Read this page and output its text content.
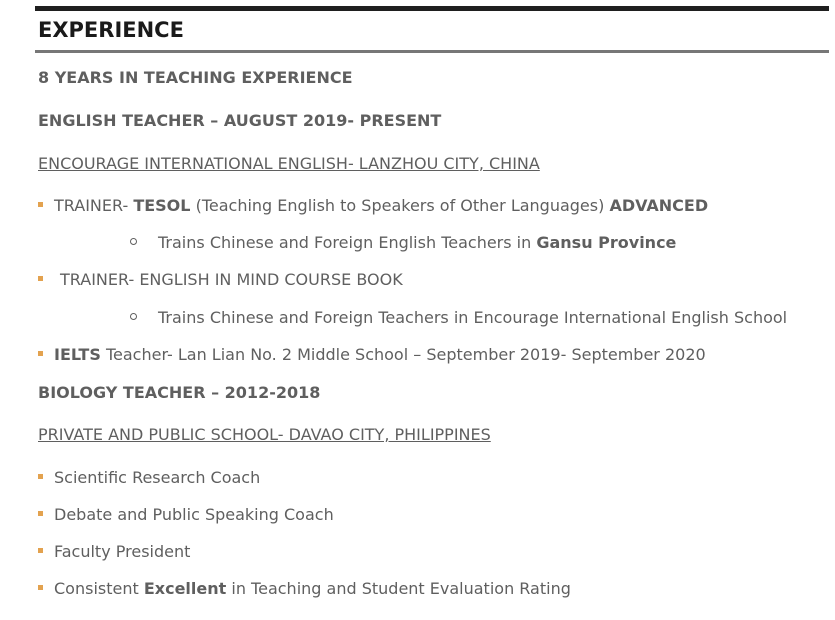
EXPERIENCE
8 YEARS IN TEACHING EXPERIENCE
ENGLISH TEACHER – AUGUST 2019- PRESENT
ENCOURAGE INTERNATIONAL ENGLISH- LANZHOU CITY, CHINA
TRAINER- TESOL (Teaching English to Speakers of Other Languages) ADVANCED
Trains Chinese and Foreign English Teachers in Gansu Province
TRAINER- ENGLISH IN MIND COURSE BOOK
Trains Chinese and Foreign Teachers in Encourage International English School
IELTS Teacher- Lan Lian No. 2 Middle School – September 2019- September 2020
BIOLOGY TEACHER – 2012-2018
PRIVATE AND PUBLIC SCHOOL- DAVAO CITY, PHILIPPINES
Scientific Research Coach
Debate and Public Speaking Coach
Faculty President
Consistent Excellent in Teaching and Student Evaluation Rating
